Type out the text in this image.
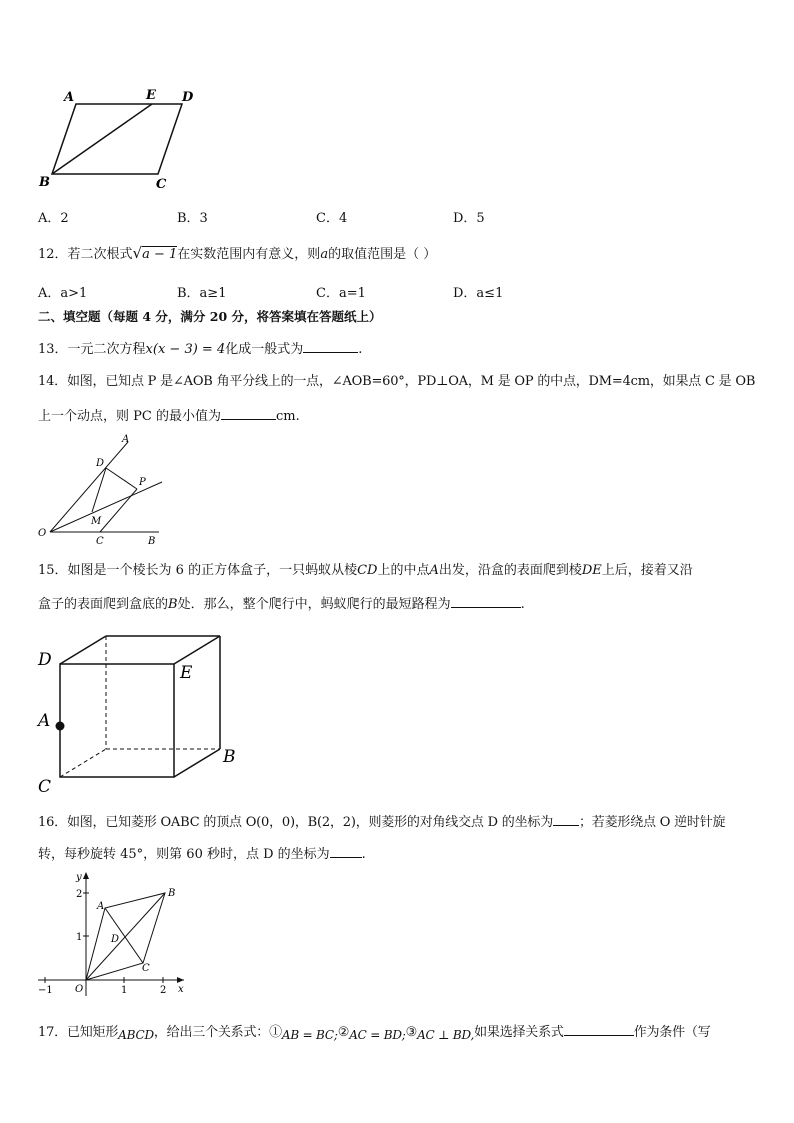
A	E D
B	C
A．2	B．3	C．4	D．5
12．若二次根式√a − 1在实数范围内有意义，则a的取值范围是（ ）
A．a>1	B．a≥1	C．a=1	D．a≤1
二、填空题（每题 4 分，满分 20 分，将答案填在答题纸上）
13．一元二次方程x(x − 3) = 4化成一般式为	.
14．如图，已知点 P 是∠AOB 角平分线上的一点，∠AOB=60°，PD⊥OA，M 是 OP 的中点，DM=4cm，如果点 C 是 OB
上一个动点，则 PC 的最小值为	cm.
A
D
P
M
O
C	B
15．如图是一个棱长为 6 的正方体盒子，一只蚂蚁从棱CD上的中点A出发，沿盒的表面爬到棱DE上后，接着又沿
盒子的表面爬到盒底的B处．那么，整个爬行中，蚂蚁爬行的最短路程为	.
D
E
A
B
C
16．如图，已知菱形 OABC 的顶点 O(0，0)，B(2，2)，则菱形的对角线交点 D 的坐标为 ；若菱形绕点 O 逆时针旋
转，每秒旋转 45°，则第 60 秒时，点 D 的坐标为 .
y
x
2
1
−1 O	1	2
A
B
C
D
17．已知矩形ABCD，给出三个关系式：①AB = BC;②AC = BD;③AC ⊥ BD,如果选择关系式	作为条件（写
